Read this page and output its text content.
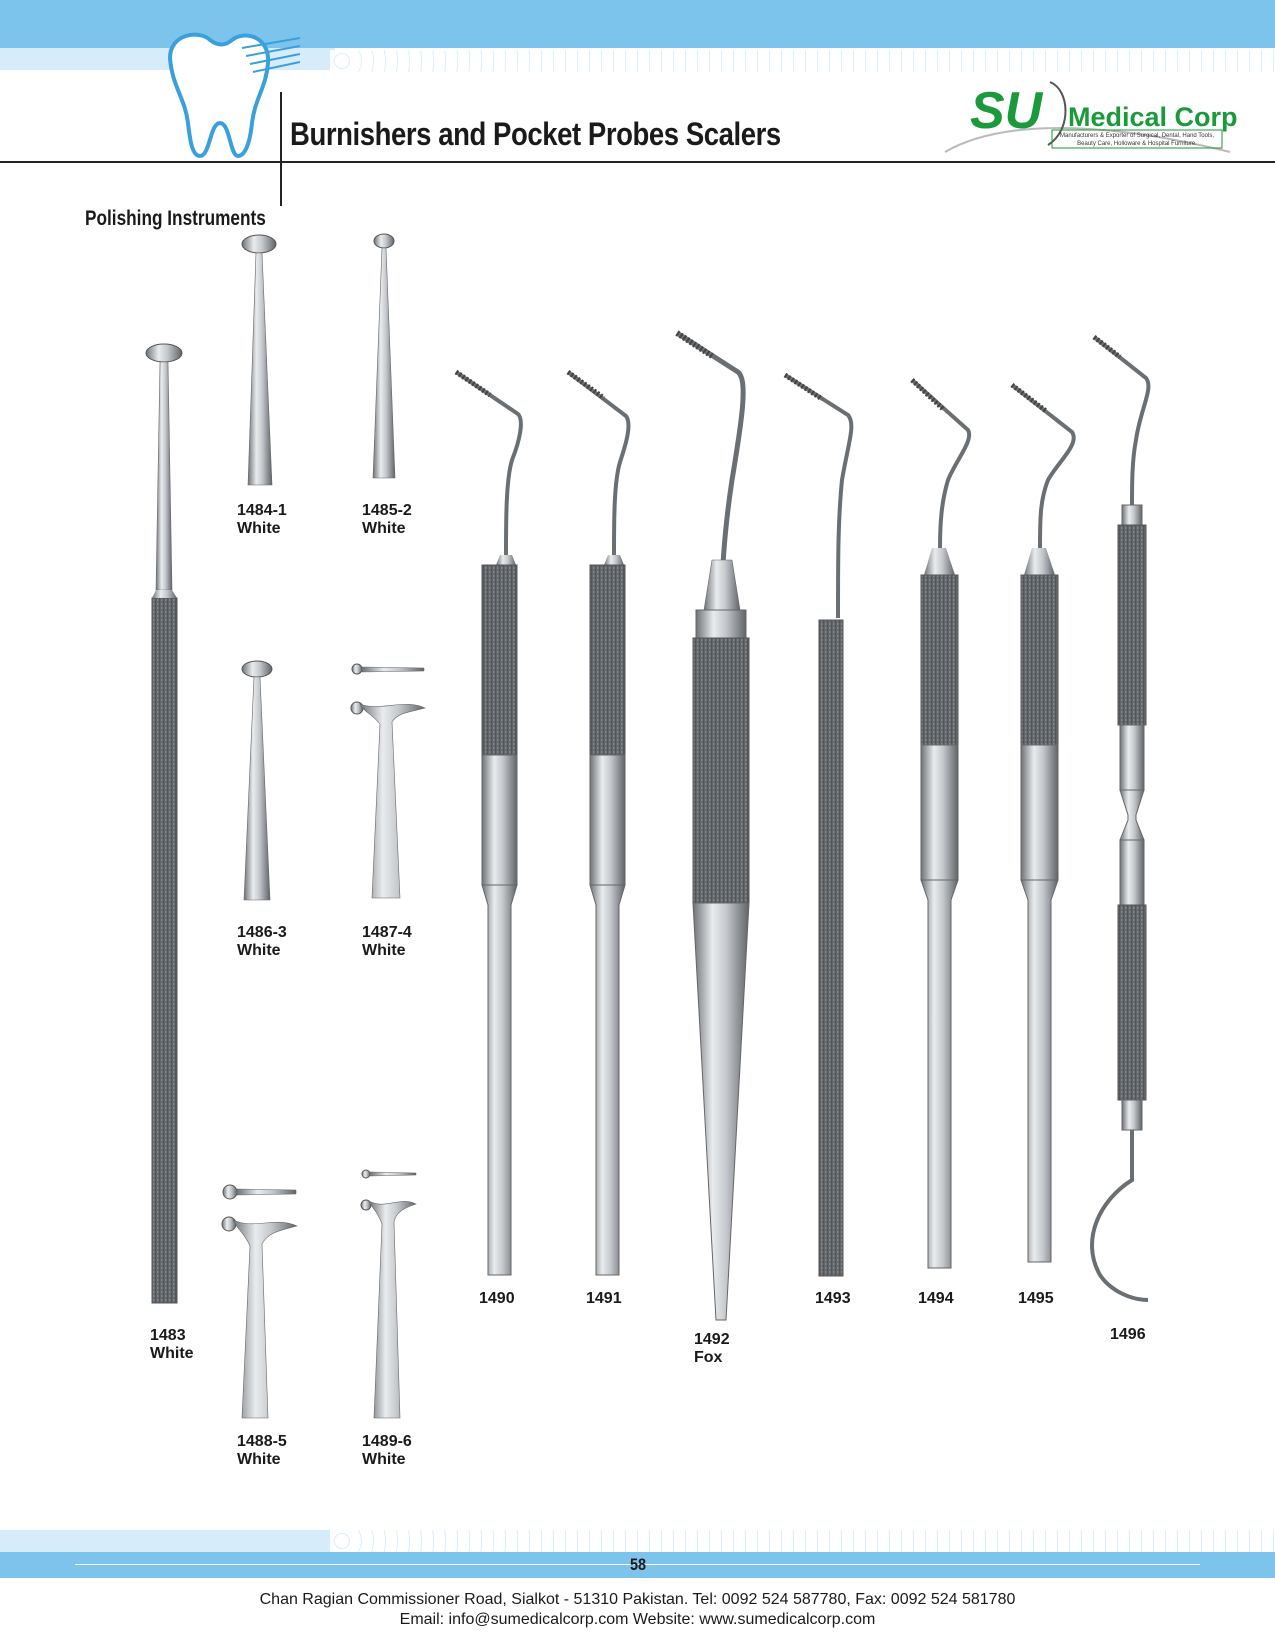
Burnishers and Pocket Probes Scalers	SU Medical Corp
Manufacturers & Exporter of Surgical, Dental, Hand Tools,
Beauty Care, Holloware & Hospital Furniture.
Polishing Instruments
1483
White
1484-1
White
1485-2
White
1486-3
White
1487-4
White
1488-5
White
1489-6
White
1490	1491
1492
Fox
1493	1494	1495
1496
58
Chan Ragian Commissioner Road, Sialkot - 51310 Pakistan. Tel: 0092 524 587780, Fax: 0092 524 581780
Email: info@sumedicalcorp.com Website: www.sumedicalcorp.com
